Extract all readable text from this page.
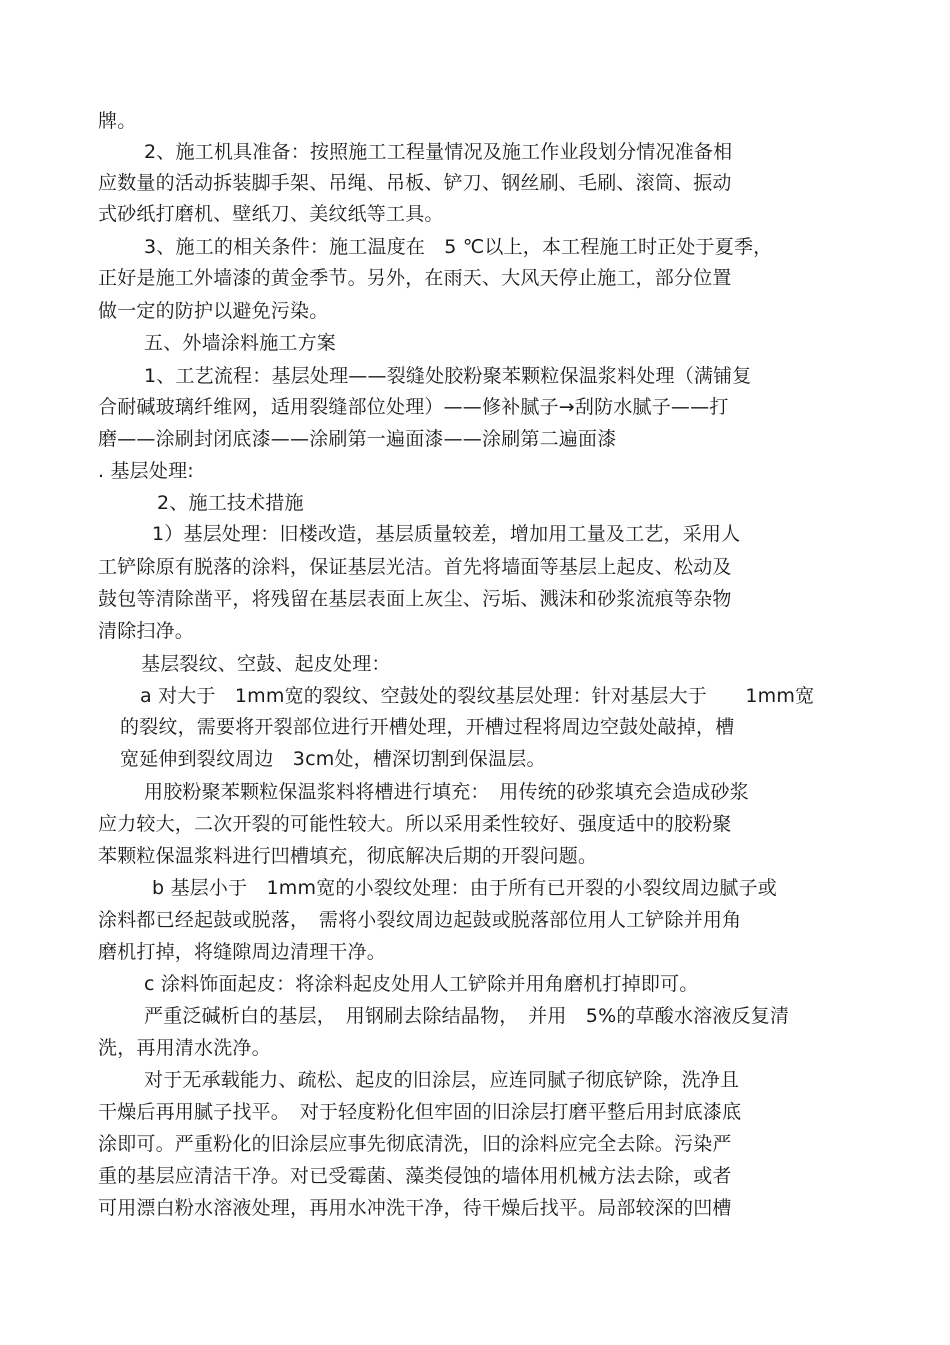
牌。
2、施工机具准备：按照施工工程量情况及施工作业段划分情况准备相
应数量的活动拆装脚手架、吊绳、吊板、铲刀、钢丝刷、毛刷、滚筒、振动
式砂纸打磨机、壁纸刀、美纹纸等工具。
3、施工的相关条件：施工温度在　5 ℃以上，本工程施工时正处于夏季，
正好是施工外墙漆的黄金季节。另外，在雨天、大风天停止施工，部分位置
做一定的防护以避免污染。
五、外墙涂料施工方案
1、工艺流程：基层处理——裂缝处胶粉聚苯颗粒保温浆料处理（满铺复
合耐碱玻璃纤维网，适用裂缝部位处理）——修补腻子→刮防水腻子——打
磨——涂刷封闭底漆——涂刷第一遍面漆——涂刷第二遍面漆
. 基层处理:
2、施工技术措施
1）基层处理：旧楼改造，基层质量较差，增加用工量及工艺，采用人
工铲除原有脱落的涂料，保证基层光洁。首先将墙面等基层上起皮、松动及
鼓包等清除凿平，将残留在基层表面上灰尘、污垢、溅沫和砂浆流痕等杂物
清除扫净。
基层裂纹、空鼓、起皮处理：
a 对大于　1mm宽的裂纹、空鼓处的裂纹基层处理：针对基层大于　　1mm宽
的裂纹，需要将开裂部位进行开槽处理，开槽过程将周边空鼓处敲掉，槽
宽延伸到裂纹周边　3cm处，槽深切割到保温层。
用胶粉聚苯颗粒保温浆料将槽进行填充：　用传统的砂浆填充会造成砂浆
应力较大，二次开裂的可能性较大。所以采用柔性较好、强度适中的胶粉聚
苯颗粒保温浆料进行凹槽填充，彻底解决后期的开裂问题。
b 基层小于　1mm宽的小裂纹处理：由于所有已开裂的小裂纹周边腻子或
涂料都已经起鼓或脱落，　需将小裂纹周边起鼓或脱落部位用人工铲除并用角
磨机打掉，将缝隙周边清理干净。
c 涂料饰面起皮：将涂料起皮处用人工铲除并用角磨机打掉即可。
严重泛碱析白的基层，　用钢刷去除结晶物，　并用　5%的草酸水溶液反复清
洗，再用清水洗净。
对于无承载能力、疏松、起皮的旧涂层，应连同腻子彻底铲除，洗净且
干燥后再用腻子找平。　对于轻度粉化但牢固的旧涂层打磨平整后用封底漆底
涂即可。严重粉化的旧涂层应事先彻底清洗，旧的涂料应完全去除。污染严
重的基层应清洁干净。对已受霉菌、藻类侵蚀的墙体用机械方法去除，或者
可用漂白粉水溶液处理，再用水冲洗干净，待干燥后找平。局部较深的凹槽
